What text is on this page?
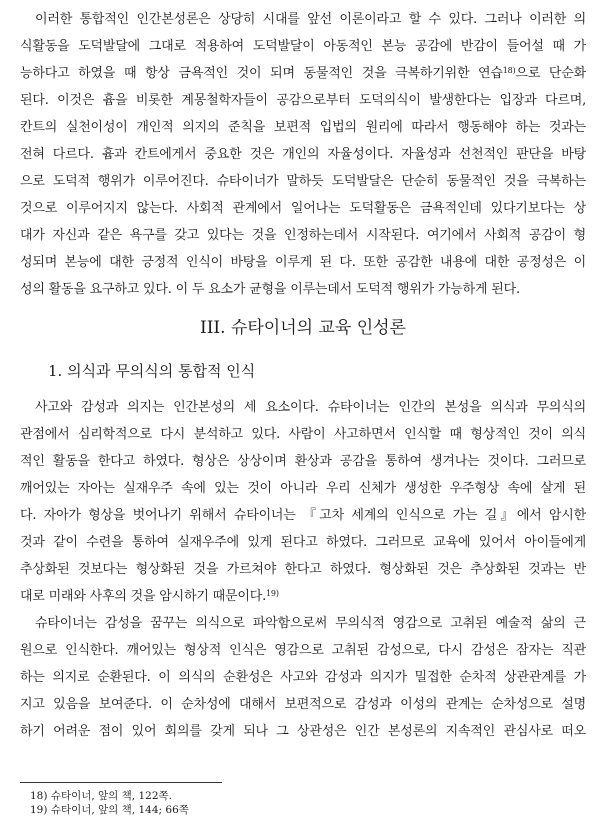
이러한 통합적인 인간본성론은 상당히 시대를 앞선 이론이라고 할 수 있다. 그러나 이러한 의
식활동을 도덕발달에 그대로 적용하여 도덕발달이 아동적인 본능 공감에 반감이 들어설 때 가
능하다고 하였을 때 항상 금욕적인 것이 되며 동물적인 것을 극복하기위한 연습$^{18)}$으로 단순화
된다. 이것은 흄을 비롯한 계몽철학자들이 공감으로부터 도덕의식이 발생한다는 입장과 다르며,
칸트의 실천이성이 개인적 의지의 준칙을 보편적 입법의 원리에 따라서 행동해야 하는 것과는
전혀 다르다. 흄과 칸트에게서 중요한 것은 개인의 자율성이다. 자율성과 선천적인 판단을 바탕
으로 도덕적 행위가 이루어진다. 슈타이너가 말하듯 도덕발달은 단순히 동물적인 것을 극복하는
것으로 이루어지지 않는다. 사회적 관계에서 일어나는 도덕활동은 금욕적인데 있다기보다는 상
대가 자신과 같은 욕구를 갖고 있다는 것을 인정하는데서 시작된다. 여기에서 사회적 공감이 형
성되며 본능에 대한 긍정적 인식이 바탕을 이루게 된 다. 또한 공감한 내용에 대한 공정성은 이
성의 활동을 요구하고 있다. 이 두 요소가 균형을 이루는데서 도덕적 행위가 가능하게 된다.
III. 슈타이너의 교육 인성론
1. 의식과 무의식의 통합적 인식
사고와 감성과 의지는 인간본성의 세 요소이다. 슈타이너는 인간의 본성을 의식과 무의식의
관점에서 심리학적으로 다시 분석하고 있다. 사람이 사고하면서 인식할 때 형상적인 것이 의식
적인 활동을 한다고 하였다. 형상은 상상이며 환상과 공감을 통하여 생겨나는 것이다. 그러므로
깨어있는 자아는 실재우주 속에 있는 것이 아니라 우리 신체가 생성한 우주형상 속에 살게 된
다. 자아가 형상을 벗어나기 위해서 슈타이너는 『고차 세계의 인식으로 가는 길』에서 암시한
것과 같이 수련을 통하여 실재우주에 있게 된다고 하였다. 그러므로 교육에 있어서 아이들에게
추상화된 것보다는 형상화된 것을 가르쳐야 한다고 하였다. 형상화된 것은 추상화된 것과는 반
대로 미래와 사후의 것을 암시하기 때문이다.$^{19)}$
슈타이너는 감성을 꿈꾸는 의식으로 파악함으로써 무의식적 영감으로 고취된 예술적 삶의 근
원으로 인식한다. 깨어있는 형상적 인식은 영감으로 고취된 감성으로, 다시 감성은 잠자는 직관
하는 의지로 순환된다. 이 의식의 순환성은 사고와 감성과 의지가 밀접한 순차적 상관관계를 가
지고 있음을 보여준다. 이 순차성에 대해서 보편적으로 감성과 이성의 관계는 순차성으로 설명
하기 어려운 점이 있어 회의를 갖게 되나 그 상관성은 인간 본성론의 지속적인 관심사로 떠오
18) 슈타이너, 앞의 책, 122쪽.
19) 슈타이너, 앞의 책, 144; 66쪽
